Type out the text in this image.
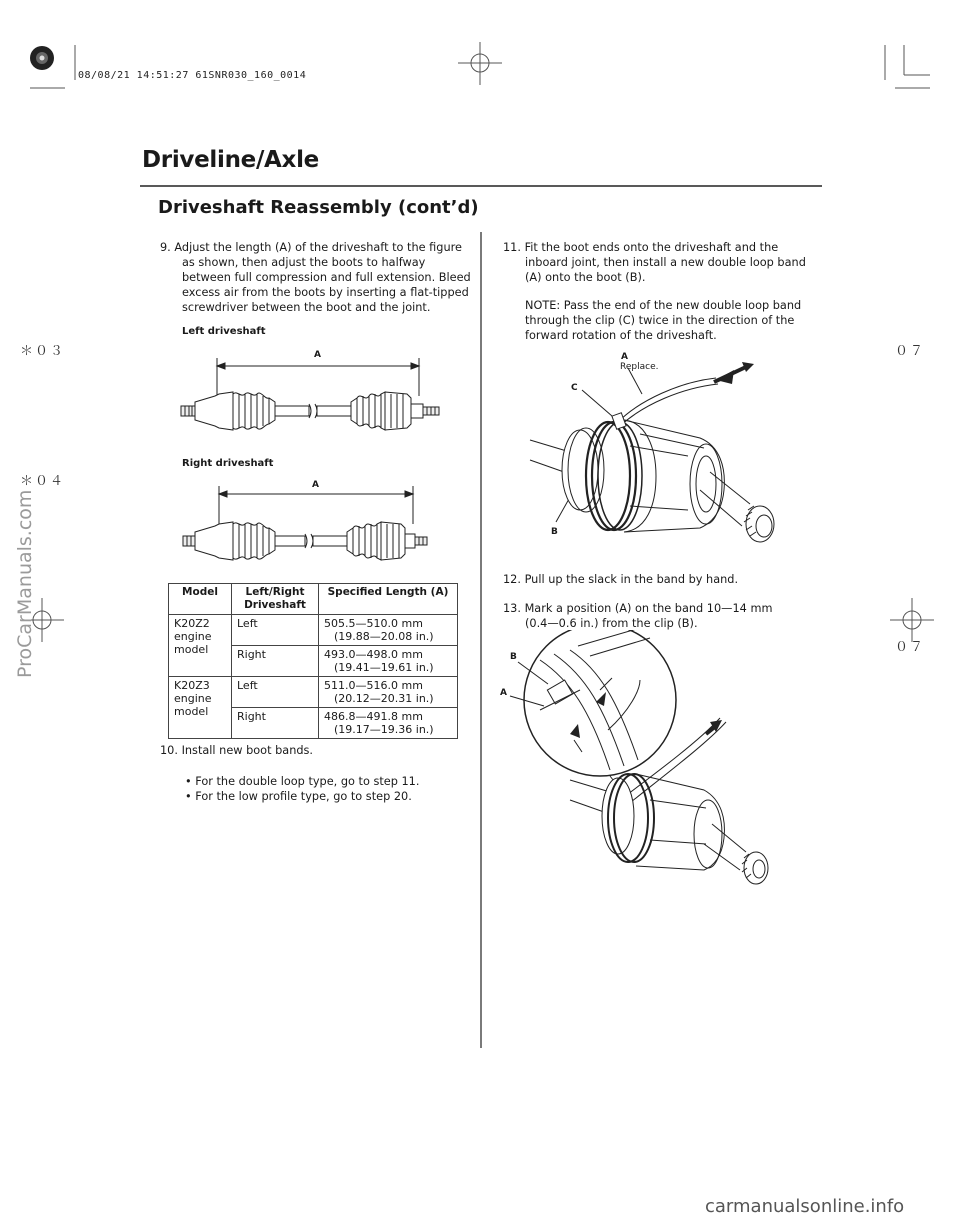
08/08/21 14:51:27 61SNR030_160_0014
＊０３
＊０４
０７
０７
Driveline/Axle
Driveshaft Reassembly (cont’d)
9. Adjust the length (A) of the driveshaft to the figure
as shown, then adjust the boots to halfway
between full compression and full extension. Bleed
excess air from the boots by inserting a flat-tipped
screwdriver between the boot and the joint.
Left driveshaft
A
Right driveshaft
A
Model	Left/Right Driveshaft	Specified Length (A)
K20Z2 engine model	Left	505.5—510.0 mm
(19.88—20.08 in.)

	Right	493.0—498.0 mm
(19.41—19.61 in.)

K20Z3 engine model	Left	511.0—516.0 mm
(20.12—20.31 in.)

	Right	486.8—491.8 mm
(19.17—19.36 in.)
10. Install new boot bands.
• For the double loop type, go to step 11.
• For the low profile type, go to step 20.
11. Fit the boot ends onto the driveshaft and the
inboard joint, then install a new double loop band
(A) onto the boot (B).
NOTE: Pass the end of the new double loop band
through the clip (C) twice in the direction of the
forward rotation of the driveshaft.
A
Replace.
C
B
12. Pull up the slack in the band by hand.
13. Mark a position (A) on the band 10—14 mm
(0.4—0.6 in.) from the clip (B).
B
A
ProCarManuals.com
carmanualsonline.info
